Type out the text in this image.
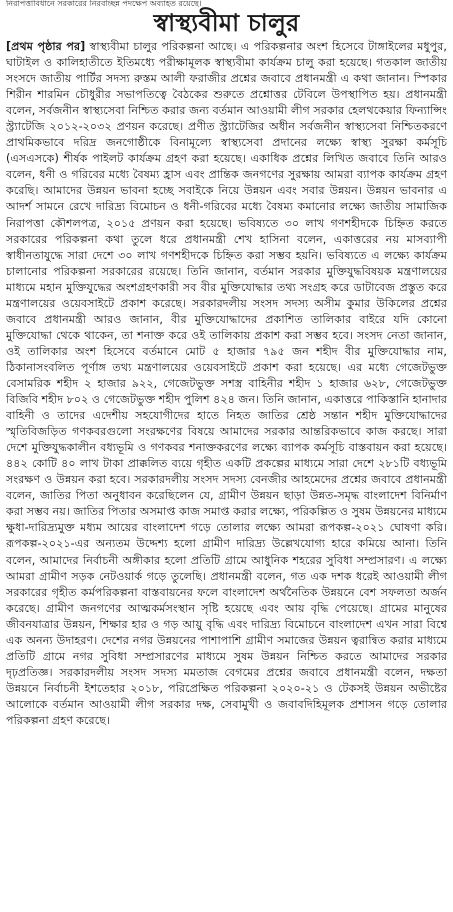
নিরাপত্তাবিধানে সরকারের নিরবচ্ছিন্ন পদক্ষেপ অব্যাহত রয়েছে।
স্বাস্থ্যবীমা চালুর
[প্রথম পৃষ্ঠার পর] স্বাস্থ্যবীমা চালুর পরিকল্পনা আছে। এ পরিকল্পনার অংশ হিসেবে টাঙ্গাইলের মধুপুর, ঘাটাইল ও কালিহাতীতে ইতিমধ্যে পরীক্ষামূলক স্বাস্থ্যবীমা কার্যক্রম চালু করা হয়েছে। গতকাল জাতীয় সংসদে জাতীয় পার্টির সদস্য রুস্তম আলী ফরাজীর প্রশ্নের জবাবে প্রধানমন্ত্রী এ কথা জানান। স্পিকার শিরীন শারমিন চৌধুরীর সভাপতিত্বে বৈঠকের শুরুতে প্রশ্নোত্তর টেবিলে উপস্থাপিত হয়। প্রধানমন্ত্রী বলেন, সর্বজনীন স্বাস্থ্যসেবা নিশ্চিত করার জন্য বর্তমান আওয়ামী লীগ সরকার হেলথকেয়ার ফিন্যান্সিং স্ট্র্যাটেজি ২০১২-২০৩২ প্রণয়ন করেছে। প্রণীত স্ট্র্যাটেজির অধীন সর্বজনীন স্বাস্থ্যসেবা নিশ্চিতকরণে প্রাথমিকভাবে দরিদ্র জনগোষ্ঠীকে বিনামূল্যে স্বাস্থ্যসেবা প্রদানের লক্ষ্যে স্বাস্থ্য সুরক্ষা কর্মসূচি (এসএসকে) শীর্ষক পাইলট কার্যক্রম গ্রহণ করা হয়েছে। একাধিক প্রশ্নের লিখিত জবাবে তিনি আরও বলেন, ধনী ও গরিবের মধ্যে বৈষম্য হ্রাস এবং প্রান্তিক জনগণের সুরক্ষায় আমরা ব্যাপক কার্যক্রম গ্রহণ করেছি। আমাদের উন্নয়ন ভাবনা হচ্ছে সবাইকে নিয়ে উন্নয়ন এবং সবার উন্নয়ন। উন্নয়ন ভাবনার এ আদর্শ সামনে রেখে দারিদ্র্য বিমোচন ও ধনী-গরিবের মধ্যে বৈষম্য কমানোর লক্ষ্যে জাতীয় সামাজিক নিরাপত্তা কৌশলপত্র, ২০১৫ প্রণয়ন করা হয়েছে। ভবিষ্যতে ৩০ লাখ গণশহীদকে চিহ্নিত করতে সরকারের পরিকল্পনা কথা তুলে ধরে প্রধানমন্ত্রী শেখ হাসিনা বলেন, একাত্তরের নয় মাসব্যাপী স্বাধীনতাযুদ্ধে সারা দেশে ৩০ লাখ গণশহীদকে চিহ্নিত করা সম্ভব হয়নি। ভবিষ্যতে এ লক্ষ্যে কার্যক্রম চালানোর পরিকল্পনা সরকারের রয়েছে। তিনি জানান, বর্তমান সরকার মুক্তিযুদ্ধবিষয়ক মন্ত্রণালয়ের মাধ্যমে মহান মুক্তিযুদ্ধের অংশগ্রহণকারী সব বীর মুক্তিযোদ্ধার তথ্য সংগ্রহ করে ডাটাবেজ প্রস্তুত করে মন্ত্রণালয়ের ওয়েবসাইটে প্রকাশ করেছে। সরকারদলীয় সংসদ সদস্য অসীম কুমার উকিলের প্রশ্নের জবাবে প্রধানমন্ত্রী আরও জানান, বীর মুক্তিযোদ্ধাদের প্রকাশিত তালিকার বাইরে যদি কোনো মুক্তিযোদ্ধা থেকে থাকেন, তা শনাক্ত করে ওই তালিকায় প্রকাশ করা সম্ভব হবে। সংসদ নেতা জানান, ওই তালিকার অংশ হিসেবে বর্তমানে মোট ৫ হাজার ৭৯৫ জন শহীদ বীর মুক্তিযোদ্ধার নাম, ঠিকানাসংবলিত পূর্ণাঙ্গ তথ্য মন্ত্রণালয়ের ওয়েবসাইটে প্রকাশ করা হয়েছে। এর মধ্যে গেজেটভুক্ত বেসামরিক শহীদ ২ হাজার ৯২২, গেজেটভুক্ত সশস্ত্র বাহিনীর শহীদ ১ হাজার ৬২৮, গেজেটভুক্ত বিজিবি শহীদ ৮০২ ও গেজেটভুক্ত শহীদ পুলিশ ৪২৪ জন। তিনি জানান, একাত্তরে পাকিস্তানি হানাদার বাহিনী ও তাদের এদেশীয় সহযোগীদের হাতে নিহত জাতির শ্রেষ্ঠ সন্তান শহীদ মুক্তিযোদ্ধাদের স্মৃতিবিজড়িত গণকবরগুলো সংরক্ষণের বিষয়ে আমাদের সরকার আন্তরিকভাবে কাজ করছে। সারা দেশে মুক্তিযুদ্ধকালীন বধ্যভূমি ও গণকবর শনাক্তকরণের লক্ষ্যে ব্যাপক কর্মসূচি বাস্তবায়ন করা হয়েছে। ৪৪২ কোটি ৪০ লাখ টাকা প্রাক্কলিত ব্যয়ে গৃহীত একটি প্রকল্পের মাধ্যমে সারা দেশে ২৮১টি বধ্যভূমি সংরক্ষণ ও উন্নয়ন করা হবে। সরকারদলীয় সংসদ সদস্য বেনজীর আহমেদের প্রশ্নের জবাবে প্রধানমন্ত্রী বলেন, জাতির পিতা অনুধাবন করেছিলেন যে, গ্রামীণ উন্নয়ন ছাড়া উন্নত-সমৃদ্ধ বাংলাদেশ বিনির্মাণ করা সম্ভব নয়। জাতির পিতার অসমাপ্ত কাজ সমাপ্ত করার লক্ষ্যে, পরিকল্পিত ও সুষম উন্নয়নের মাধ্যমে ক্ষুধা-দারিদ্র্যমুক্ত মধ্যম আয়ের বাংলাদেশ গড়ে তোলার লক্ষ্যে আমরা রূপকল্প-২০২১ ঘোষণা করি। রূপকল্প-২০২১-এর অন্যতম উদ্দেশ্য হলো গ্রামীণ দারিদ্র্য উল্লেখযোগ্য হারে কমিয়ে আনা। তিনি বলেন, আমাদের নির্বাচনী অঙ্গীকার হলো প্রতিটি গ্রামে আধুনিক শহরের সুবিধা সম্প্রসারণ। এ লক্ষ্যে আমরা গ্রামীণ সড়ক নেটওয়ার্ক গড়ে তুলেছি। প্রধানমন্ত্রী বলেন, গত এক দশক ধরেই আওয়ামী লীগ সরকারের গৃহীত কর্মপরিকল্পনা বাস্তবায়নের ফলে বাংলাদেশ অর্থনৈতিক উন্নয়নে বেশ সফলতা অর্জন করেছে। গ্রামীণ জনগণের আত্মকর্মসংস্থান সৃষ্টি হয়েছে এবং আয় বৃদ্ধি পেয়েছে। গ্রামের মানুষের জীবনযাত্রার উন্নয়ন, শিক্ষার হার ও গড় আয়ু বৃদ্ধি এবং দারিদ্র্য বিমোচনে বাংলাদেশ এখন সারা বিশ্বে এক অনন্য উদাহরণ। দেশের নগর উন্নয়নের পাশাপাশি গ্রামীণ সমাজের উন্নয়ন ত্বরান্বিত করার মাধ্যমে প্রতিটি গ্রামে নগর সুবিধা সম্প্রসারণের মাধ্যমে সুষম উন্নয়ন নিশ্চিত করতে আমাদের সরকার দৃঢ়প্রতিজ্ঞ। সরকারদলীয় সংসদ সদস্য মমতাজ বেগমের প্রশ্নের জবাবে প্রধানমন্ত্রী বলেন, দক্ষতা উন্নয়নে নির্বাচনী ইশতেহার ২০১৮, পরিপ্রেক্ষিত পরিকল্পনা ২০২০-২১ ও টেকসই উন্নয়ন অভীষ্টের আলোকে বর্তমান আওয়ামী লীগ সরকার দক্ষ, সেবামুখী ও জবাবদিহিমূলক প্রশাসন গড়ে তোলার পরিকল্পনা গ্রহণ করেছে।
